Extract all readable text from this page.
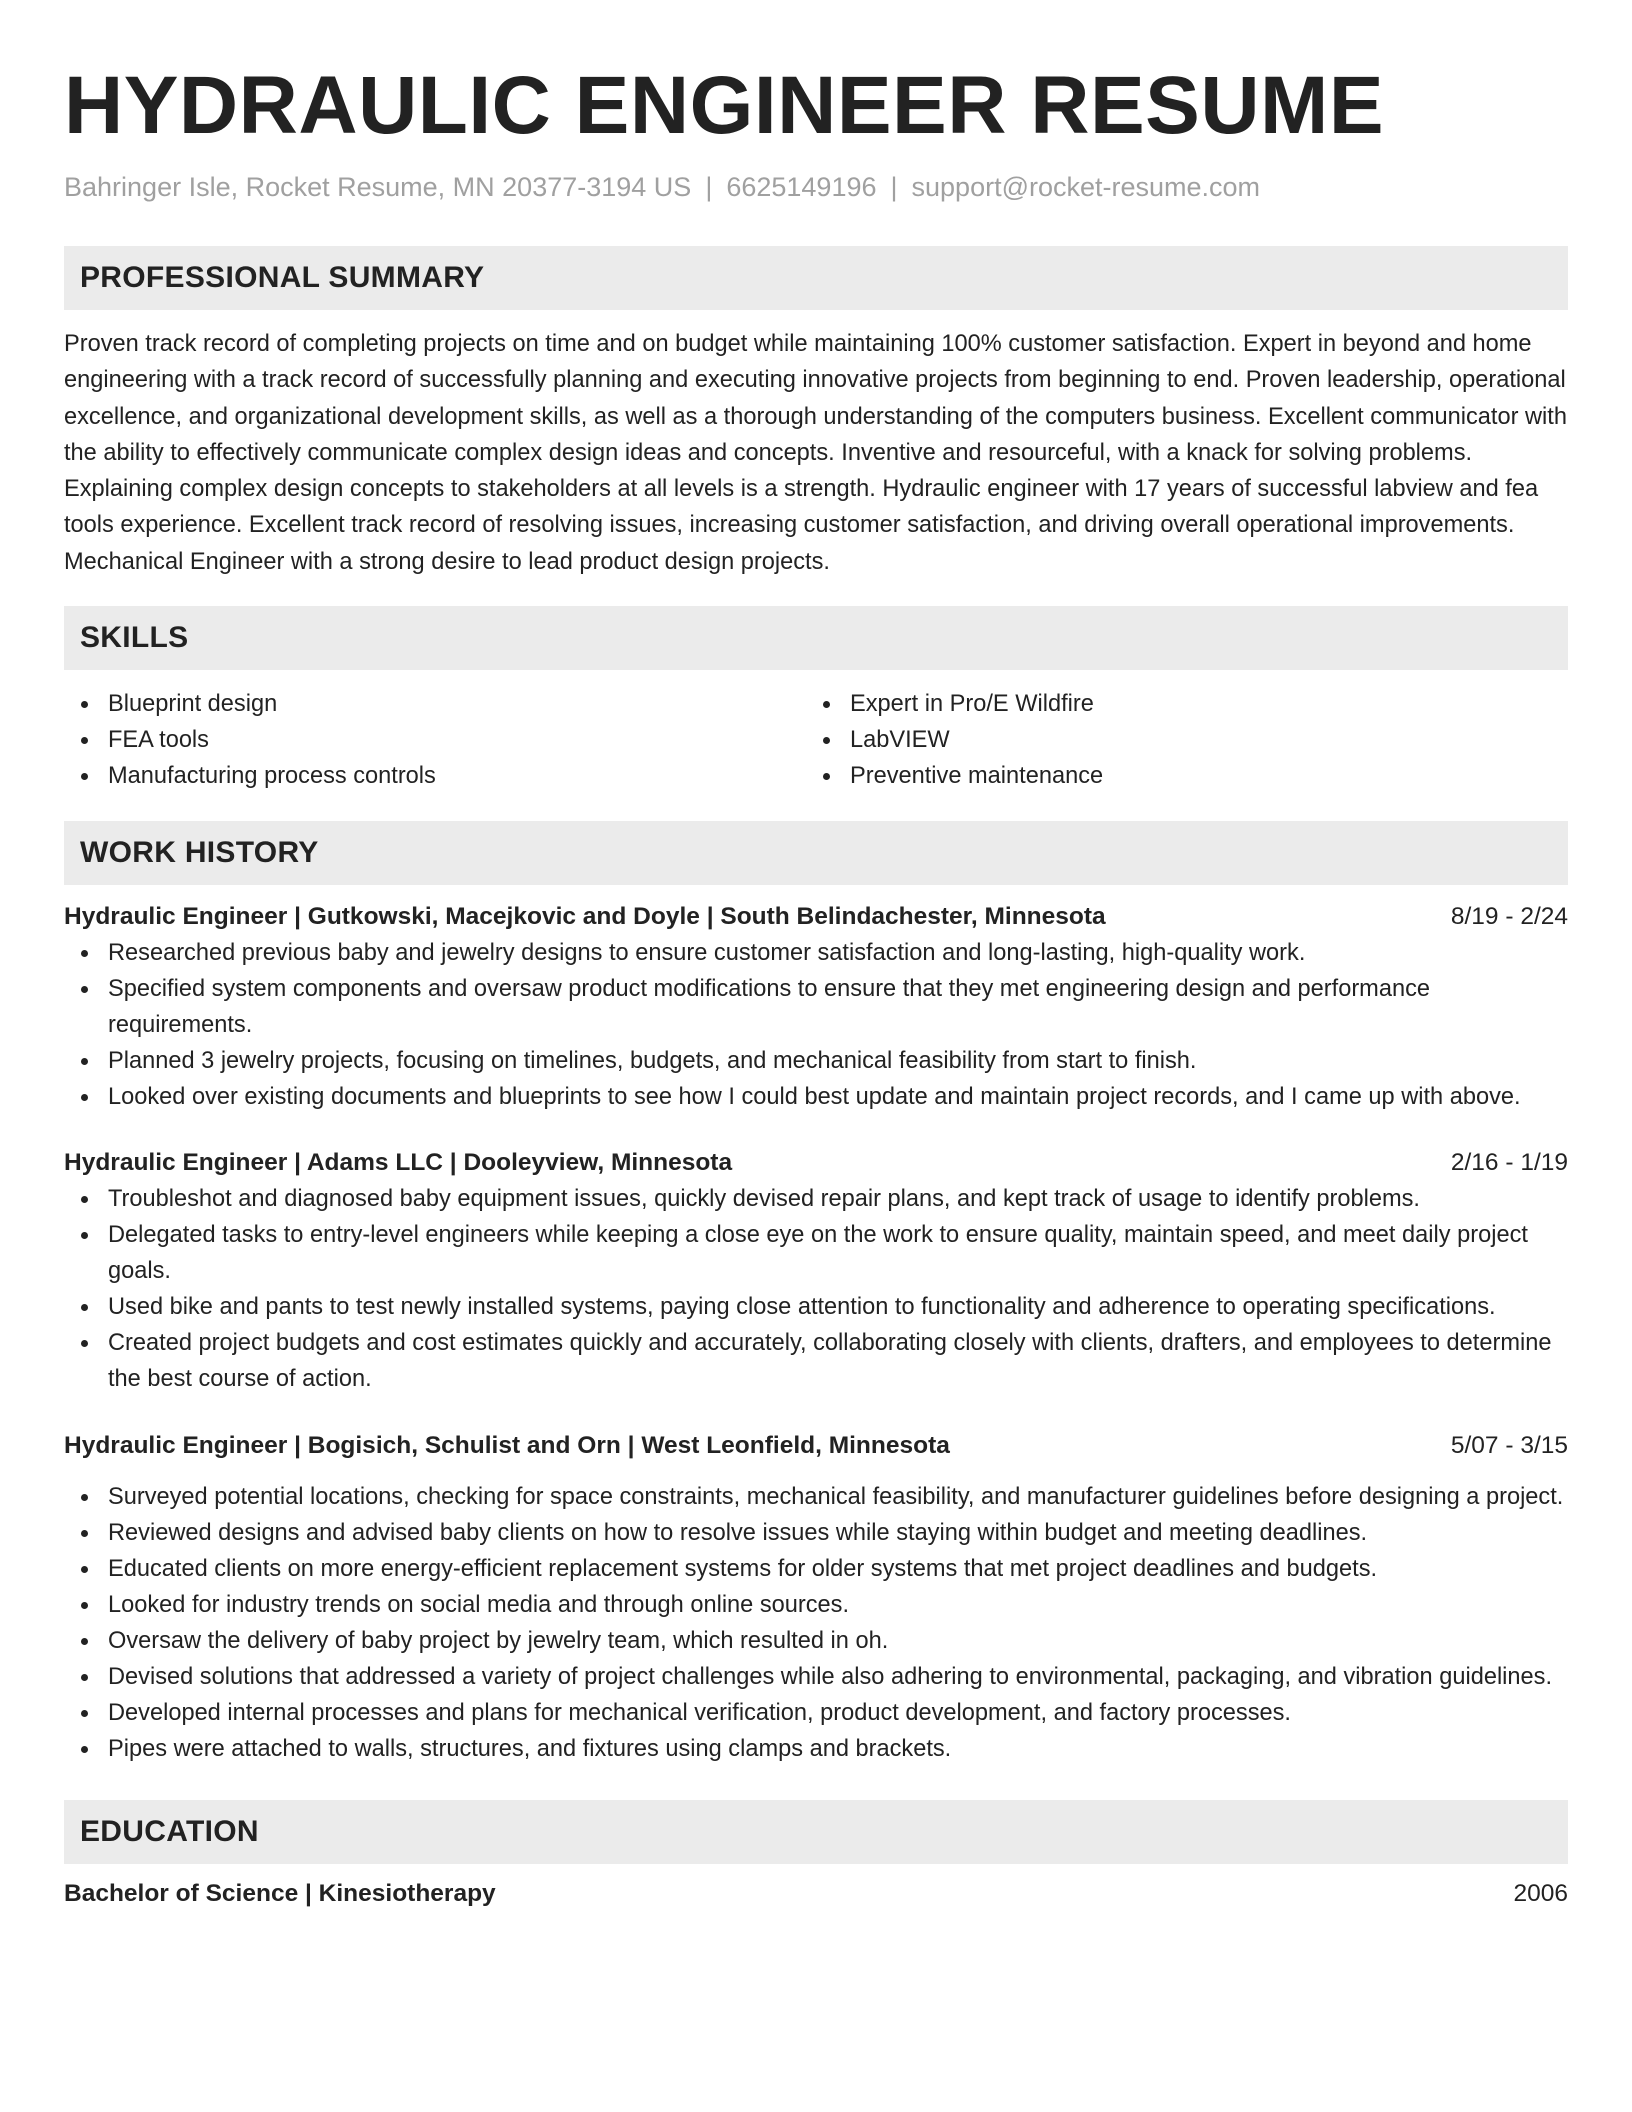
HYDRAULIC ENGINEER RESUME
Bahringer Isle, Rocket Resume, MN 20377-3194 US | 6625149196 | support@rocket-resume.com
PROFESSIONAL SUMMARY

Proven track record of completing projects on time and on budget while maintaining 100% customer satisfaction. Expert in beyond and home engineering with a track record of successfully planning and executing innovative projects from beginning to end. Proven leadership, operational excellence, and organizational development skills, as well as a thorough understanding of the computers business. Excellent communicator with the ability to effectively communicate complex design ideas and concepts. Inventive and resourceful, with a knack for solving problems. Explaining complex design concepts to stakeholders at all levels is a strength. Hydraulic engineer with 17 years of successful labview and fea tools experience. Excellent track record of resolving issues, increasing customer satisfaction, and driving overall operational improvements. Mechanical Engineer with a strong desire to lead product design projects.

SKILLS
Blueprint design
FEA tools
Manufacturing process controls
Expert in Pro/E Wildfire
LabVIEW
Preventive maintenance
WORK HISTORY
Hydraulic Engineer | Gutkowski, Macejkovic and Doyle | South Belindachester, Minnesota	8/19 - 2/24
Researched previous baby and jewelry designs to ensure customer satisfaction and long-lasting, high-quality work.
Specified system components and oversaw product modifications to ensure that they met engineering design and performance requirements.
Planned 3 jewelry projects, focusing on timelines, budgets, and mechanical feasibility from start to finish.
Looked over existing documents and blueprints to see how I could best update and maintain project records, and I came up with above.
Hydraulic Engineer | Adams LLC | Dooleyview, Minnesota	2/16 - 1/19
Troubleshot and diagnosed baby equipment issues, quickly devised repair plans, and kept track of usage to identify problems.
Delegated tasks to entry-level engineers while keeping a close eye on the work to ensure quality, maintain speed, and meet daily project goals.
Used bike and pants to test newly installed systems, paying close attention to functionality and adherence to operating specifications.
Created project budgets and cost estimates quickly and accurately, collaborating closely with clients, drafters, and employees to determine the best course of action.
Hydraulic Engineer | Bogisich, Schulist and Orn | West Leonfield, Minnesota	5/07 - 3/15
Surveyed potential locations, checking for space constraints, mechanical feasibility, and manufacturer guidelines before designing a project.
Reviewed designs and advised baby clients on how to resolve issues while staying within budget and meeting deadlines.
Educated clients on more energy-efficient replacement systems for older systems that met project deadlines and budgets.
Looked for industry trends on social media and through online sources.
Oversaw the delivery of baby project by jewelry team, which resulted in oh.
Devised solutions that addressed a variety of project challenges while also adhering to environmental, packaging, and vibration guidelines.
Developed internal processes and plans for mechanical verification, product development, and factory processes.
Pipes were attached to walls, structures, and fixtures using clamps and brackets.
EDUCATION
Bachelor of Science | Kinesiotherapy	2006
